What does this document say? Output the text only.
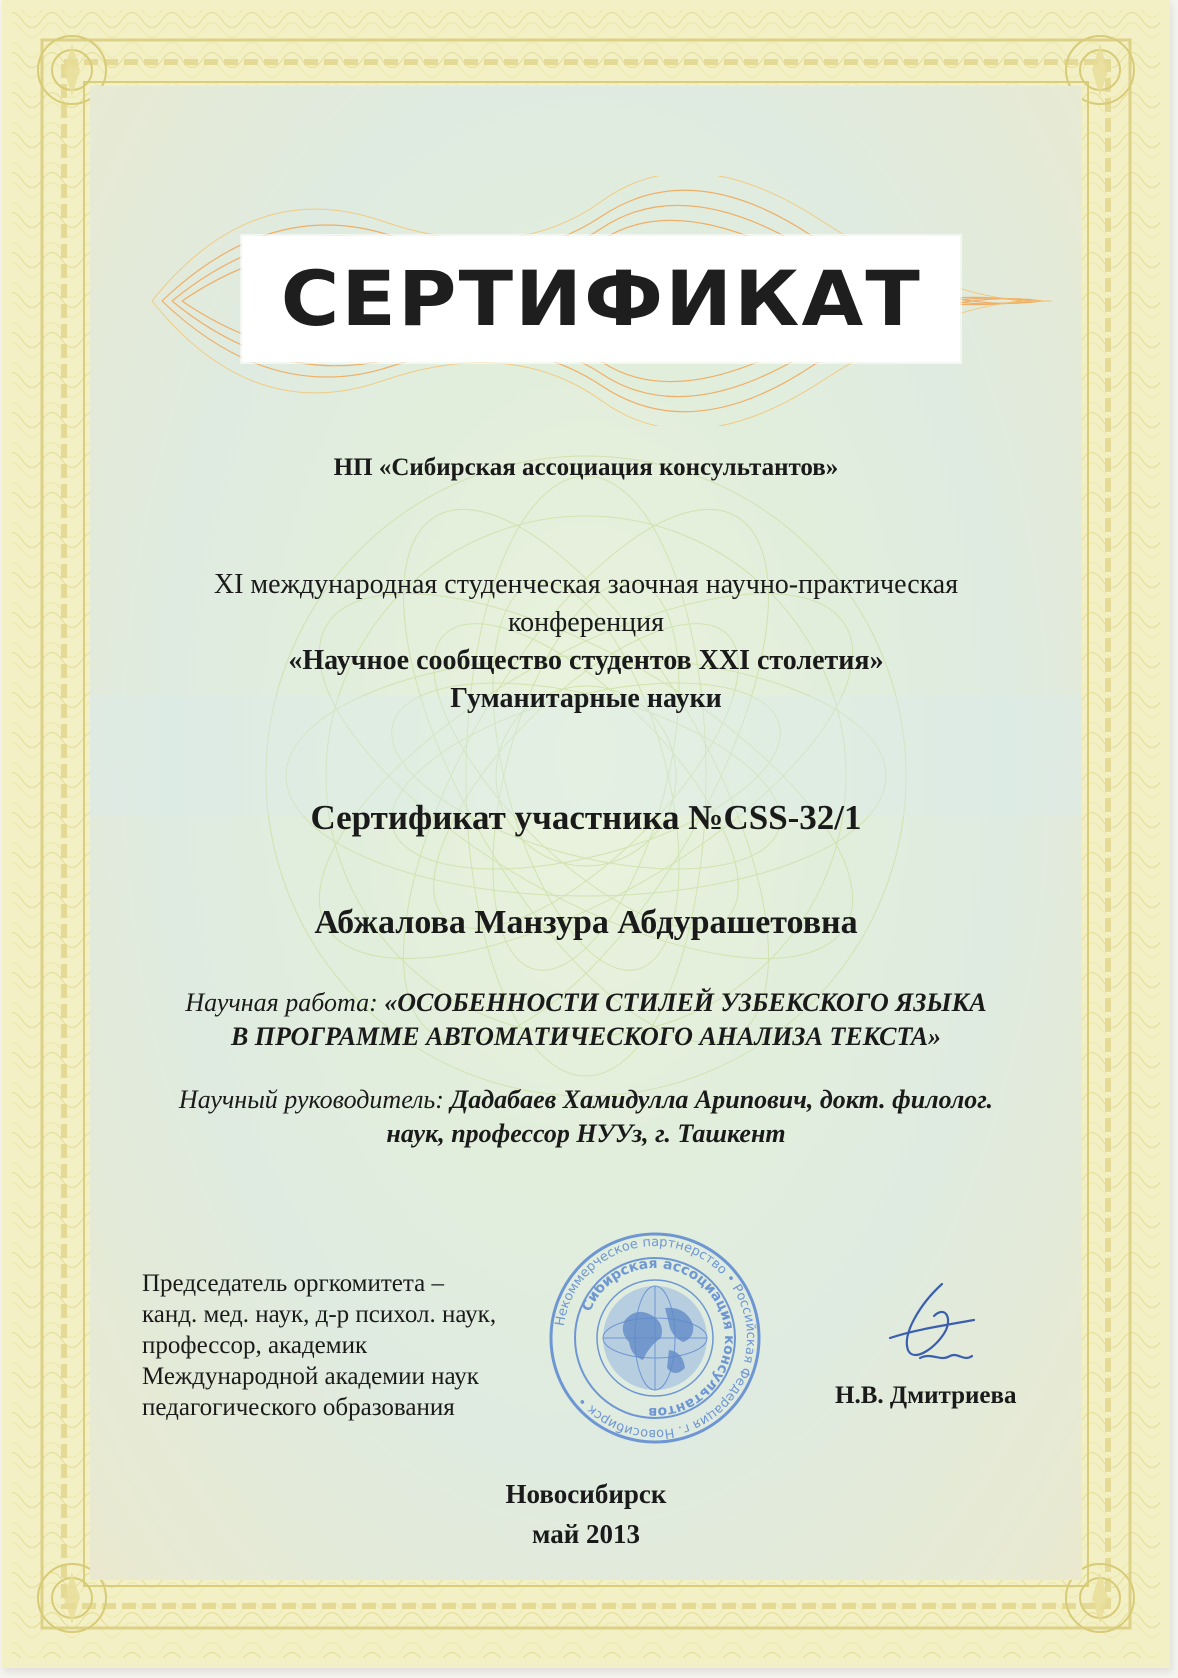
СЕРТИФИКАТ
НП «Сибирская ассоциация консультантов»
XI международная студенческая заочная научно-практическая
конференция
«Научное сообщество студентов XXI столетия»
Гуманитарные науки
Сертификат участника №CSS-32/1
Абжалова Манзура Абдурашетовна
Научная работа: «ОСОБЕННОСТИ СТИЛЕЙ УЗБЕКСКОГО ЯЗЫКА
В ПРОГРАММЕ АВТОМАТИЧЕСКОГО АНАЛИЗА ТЕКСТА»
Научный руководитель: Дадабаев Хамидулла Арипович, докт. филолог.
наук, профессор НУУз, г. Ташкент
Председатель оргкомитета –
канд. мед. наук, д-р психол. наук,
профессор, академик
Международной академии наук
педагогического образования
Некоммерческое партнерство • Российская Федерация г. Новосибирск •
Сибирская ассоциация консультантов
Н.В. Дмитриева
Новосибирск
май 2013
